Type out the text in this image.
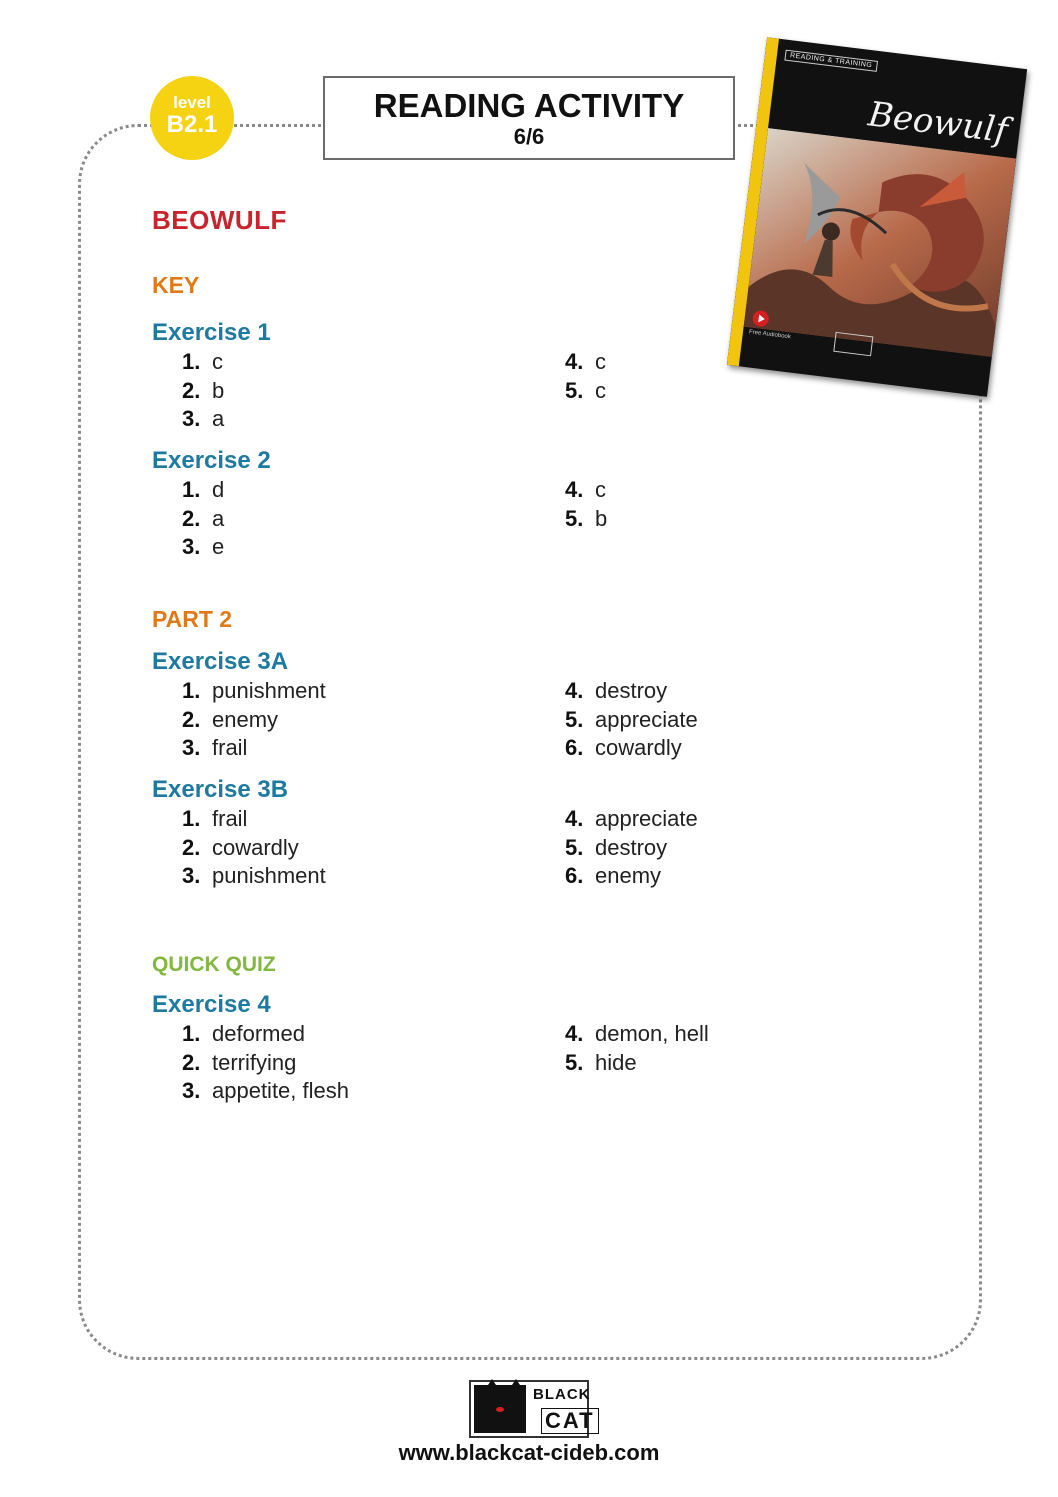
level
B2.1
READING ACTIVITY
6/6
READING & TRAINING
Beowulf
Free Audiobook
BEOWULF
KEY
Exercise 1
1. c
2. b
3. a
4. c
5. c
Exercise 2
1. d
2. a
3. e
4. c
5. b
PART 2
Exercise 3A
1. punishment
2. enemy
3. frail
4. destroy
5. appreciate
6. cowardly
Exercise 3B
1. frail
2. cowardly
3. punishment
4. appreciate
5. destroy
6. enemy
QUICK QUIZ
Exercise 4
1. deformed
2. terrifying
3. appetite, flesh
4. demon, hell
5. hide
BLACK
CAT
www.blackcat-cideb.com
